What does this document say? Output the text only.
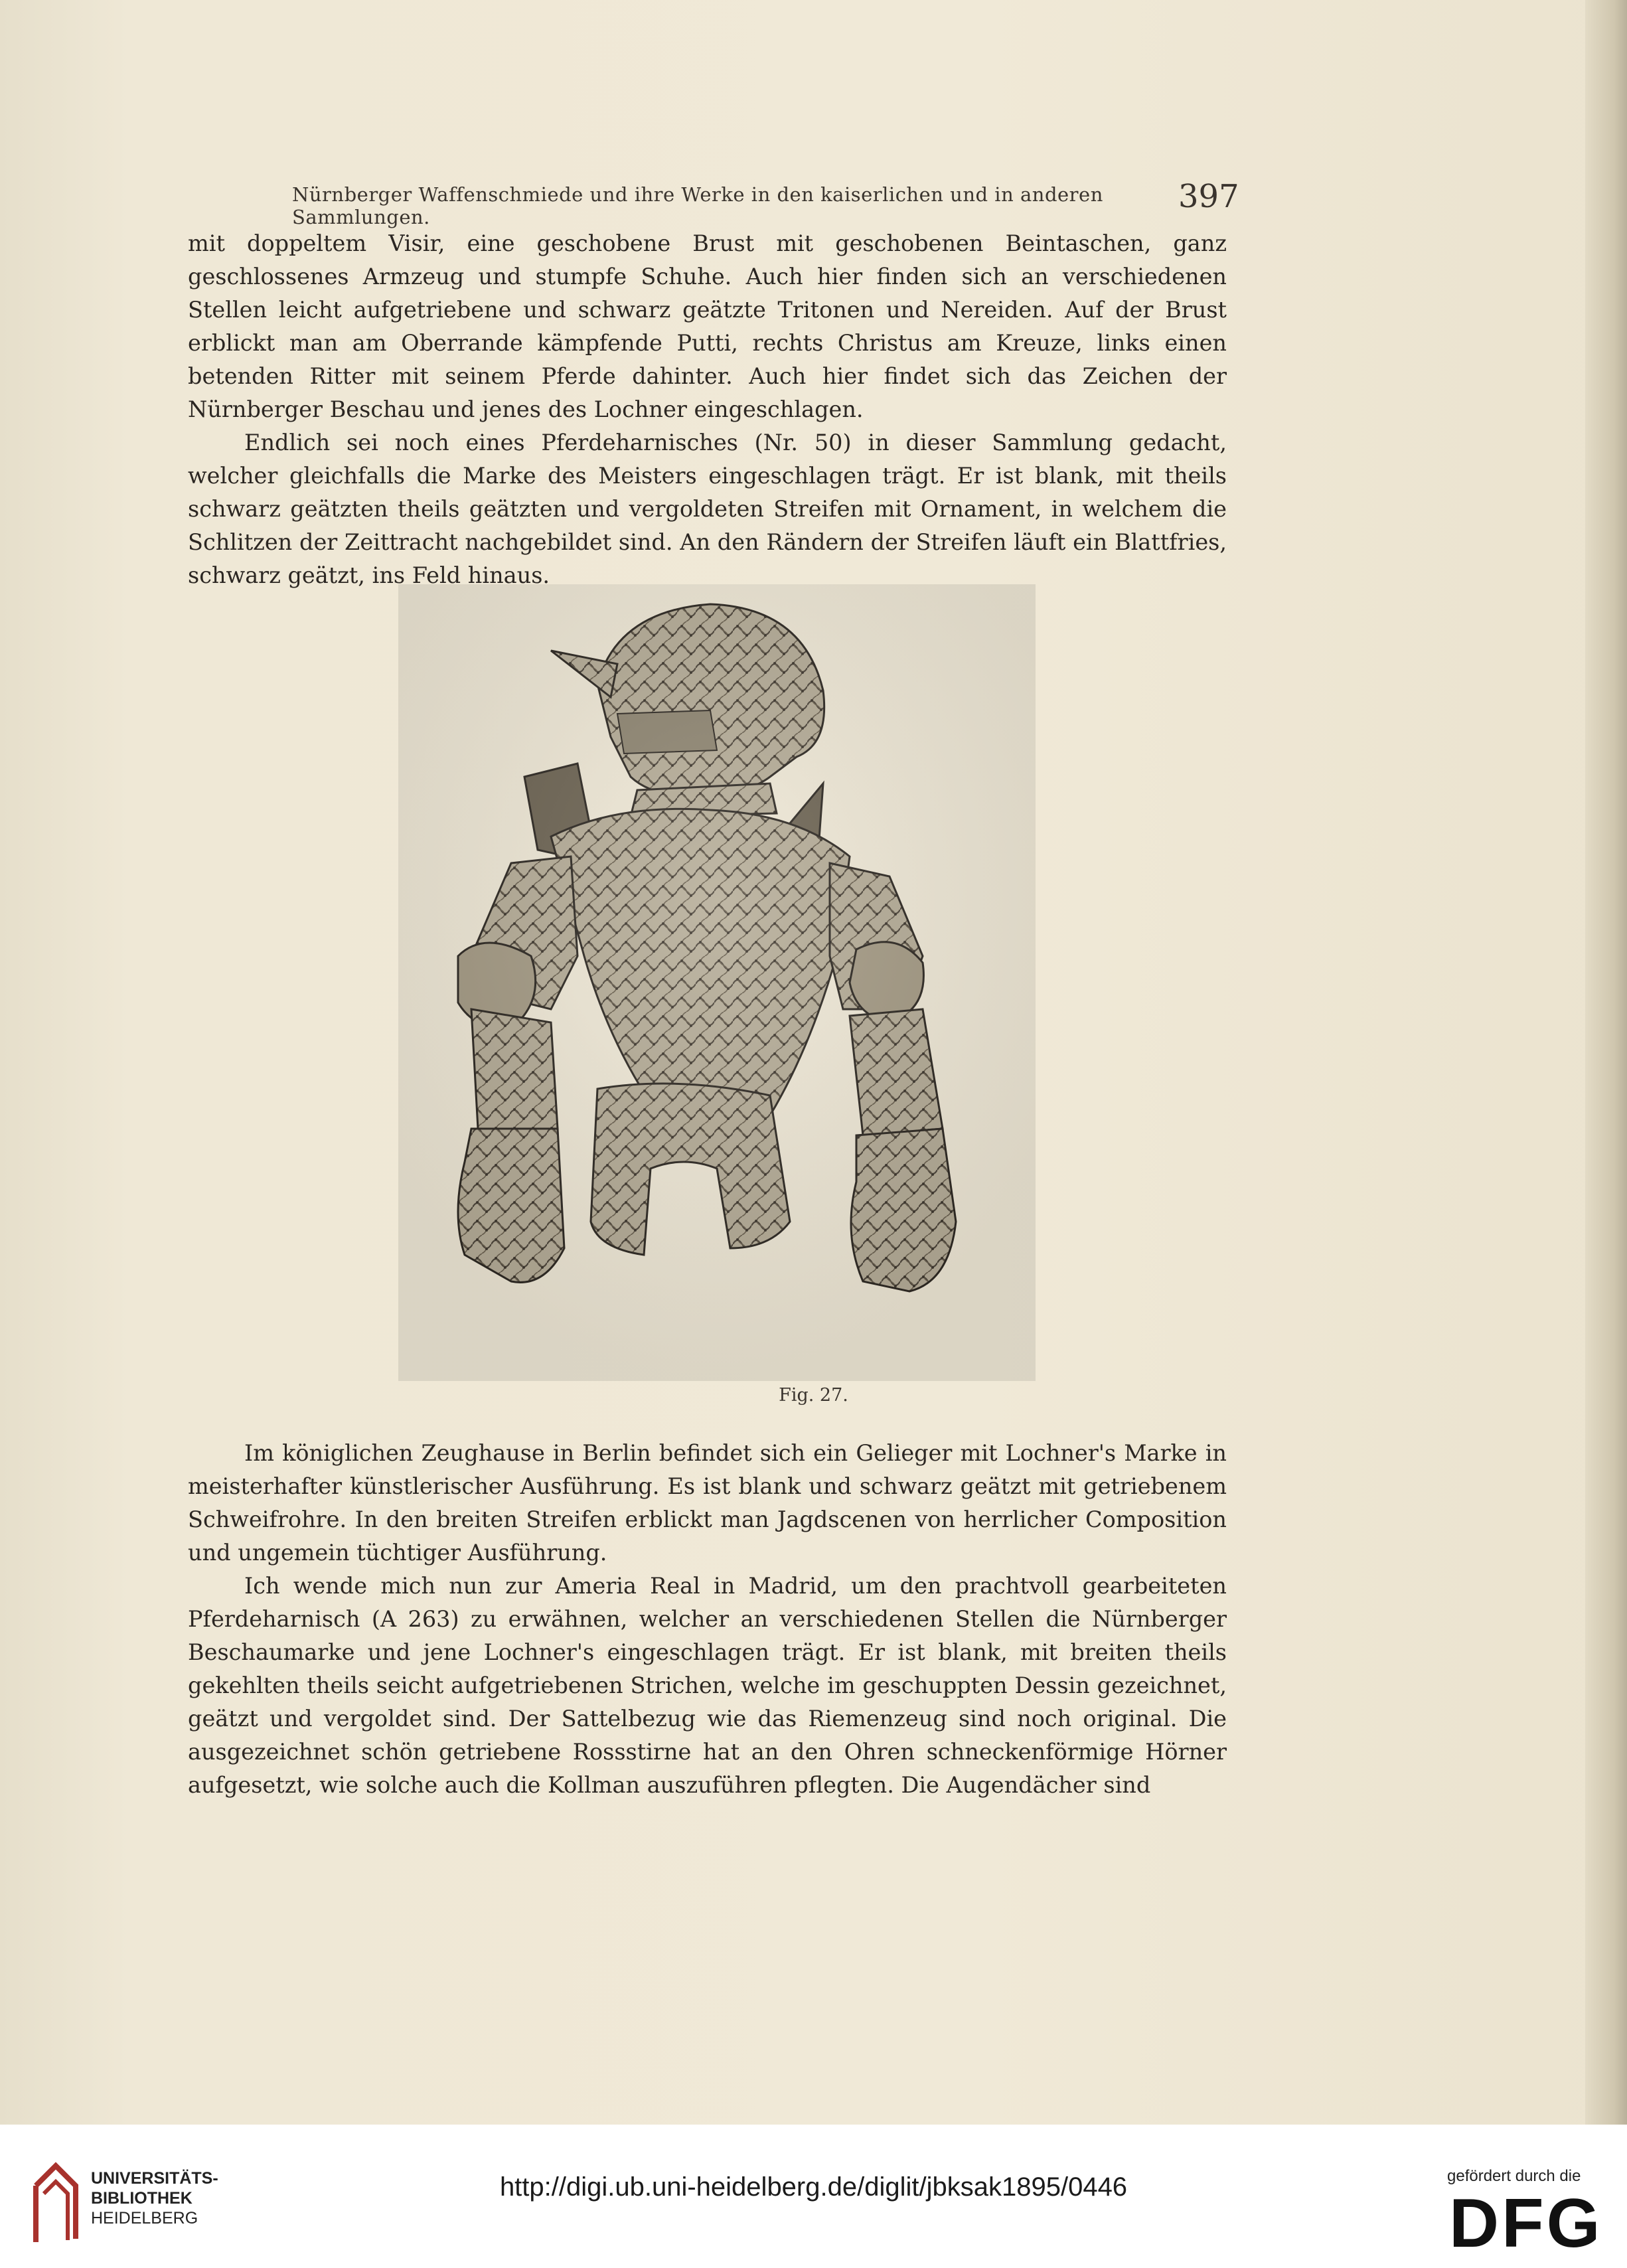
Nürnberger Waffenschmiede und ihre Werke in den kaiserlichen und in anderen Sammlungen.
397

mit doppeltem Visir, eine geschobene Brust mit geschobenen Beintaschen, ganz geschlossenes Armzeug und stumpfe Schuhe. Auch hier finden sich an verschiedenen Stellen leicht aufgetriebene und schwarz geätzte Tritonen und Nereiden. Auf der Brust erblickt man am Oberrande kämpfende Putti, rechts Christus am Kreuze, links einen betenden Ritter mit seinem Pferde dahinter. Auch hier findet sich das Zeichen der Nürnberger Beschau und jenes des Lochner eingeschlagen.

Endlich sei noch eines Pferdeharnisches (Nr. 50) in dieser Sammlung gedacht, welcher gleichfalls die Marke des Meisters eingeschlagen trägt. Er ist blank, mit theils schwarz geätzten theils geätzten und vergoldeten Streifen mit Ornament, in welchem die Schlitzen der Zeittracht nachgebildet sind. An den Rändern der Streifen läuft ein Blattfries, schwarz geätzt, ins Feld hinaus.

Fig. 27.

Im königlichen Zeughause in Berlin befindet sich ein Gelieger mit Lochner's Marke in meisterhafter künstlerischer Ausführung. Es ist blank und schwarz geätzt mit getriebenem Schweifrohre. In den breiten Streifen erblickt man Jagdscenen von herrlicher Composition und ungemein tüchtiger Ausführung.

Ich wende mich nun zur Ameria Real in Madrid, um den prachtvoll gearbeiteten Pferdeharnisch (A 263) zu erwähnen, welcher an verschiedenen Stellen die Nürnberger Beschaumarke und jene Lochner's eingeschlagen trägt. Er ist blank, mit breiten theils gekehlten theils seicht aufgetriebenen Strichen, welche im geschuppten Dessin gezeichnet, geätzt und vergoldet sind. Der Sattelbezug wie das Riemenzeug sind noch original. Die ausgezeichnet schön getriebene Rossstirne hat an den Ohren schneckenförmige Hörner aufgesetzt, wie solche auch die Kollman auszuführen pflegten. Die Augendächer sind

UNIVERSITÄTS-
BIBLIOTHEK
HEIDELBERG
http://digi.ub.uni-heidelberg.de/diglit/jbksak1895/0446	gefördert durch die
DFG
